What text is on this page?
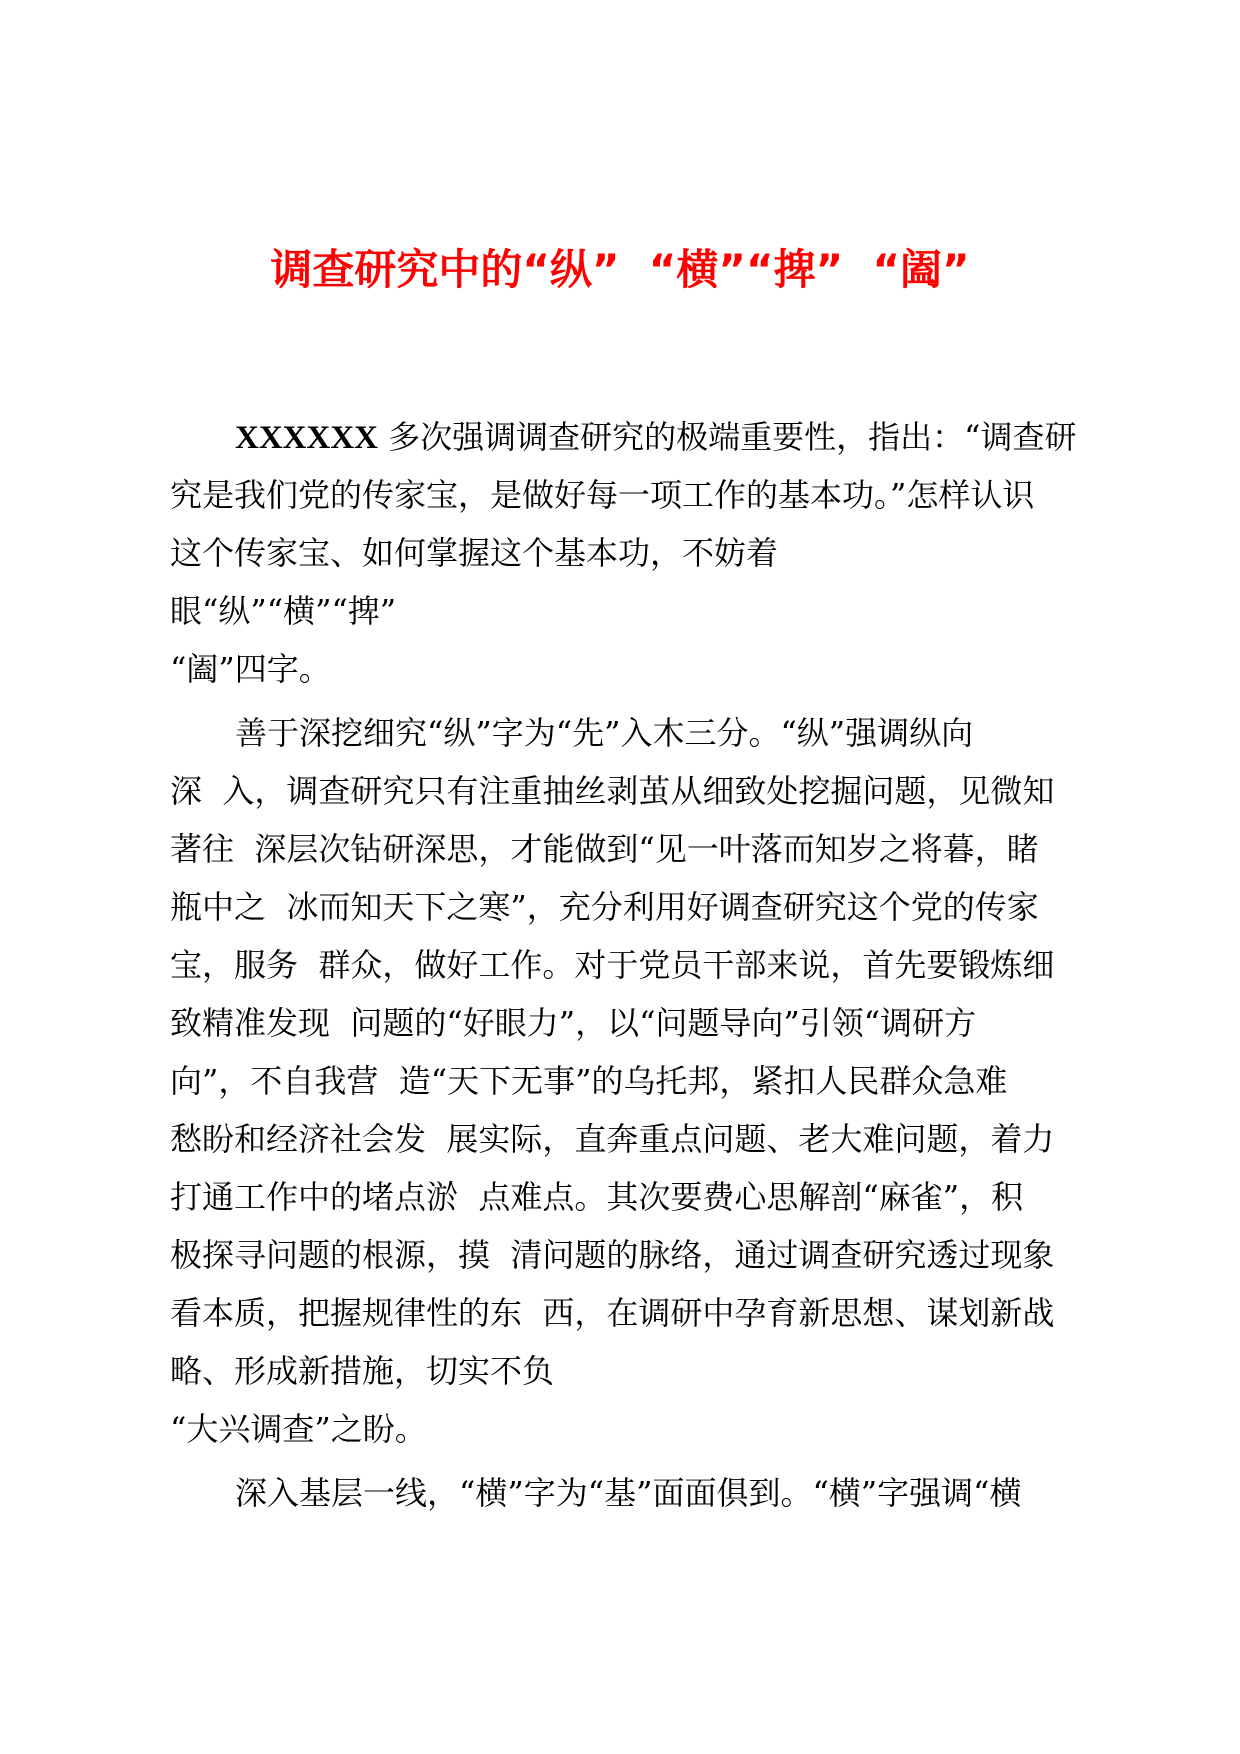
调查研究中的“纵”  “横”“捭”  “阖”
XXXXXX 多次强调调查研究的极端重要性，指出：“调查研
究是我们党的传家宝，是做好每一项工作的基本功。”怎样认识
这个传家宝、如何掌握这个基本功，不妨着
眼“纵”“横”“捭”
“阖”四字。
善于深挖细究“纵”字为“先”入木三分。“纵”强调纵向
深  入，调查研究只有注重抽丝剥茧从细致处挖掘问题，见微知
著往  深层次钻研深思，才能做到“见一叶落而知岁之将暮，睹
瓶中之  冰而知天下之寒”，充分利用好调查研究这个党的传家
宝，服务  群众，做好工作。对于党员干部来说，首先要锻炼细
致精准发现  问题的“好眼力”，以“问题导向”引领“调研方
向”，不自我营  造“天下无事”的乌托邦，紧扣人民群众急难
愁盼和经济社会发  展实际，直奔重点问题、老大难问题，着力
打通工作中的堵点淤  点难点。其次要费心思解剖“麻雀”，积
极探寻问题的根源，摸  清问题的脉络，通过调查研究透过现象
看本质，把握规律性的东  西，在调研中孕育新思想、谋划新战
略、形成新措施，切实不负
“大兴调查”之盼。
深入基层一线，“横”字为“基”面面俱到。“横”字强调“横
